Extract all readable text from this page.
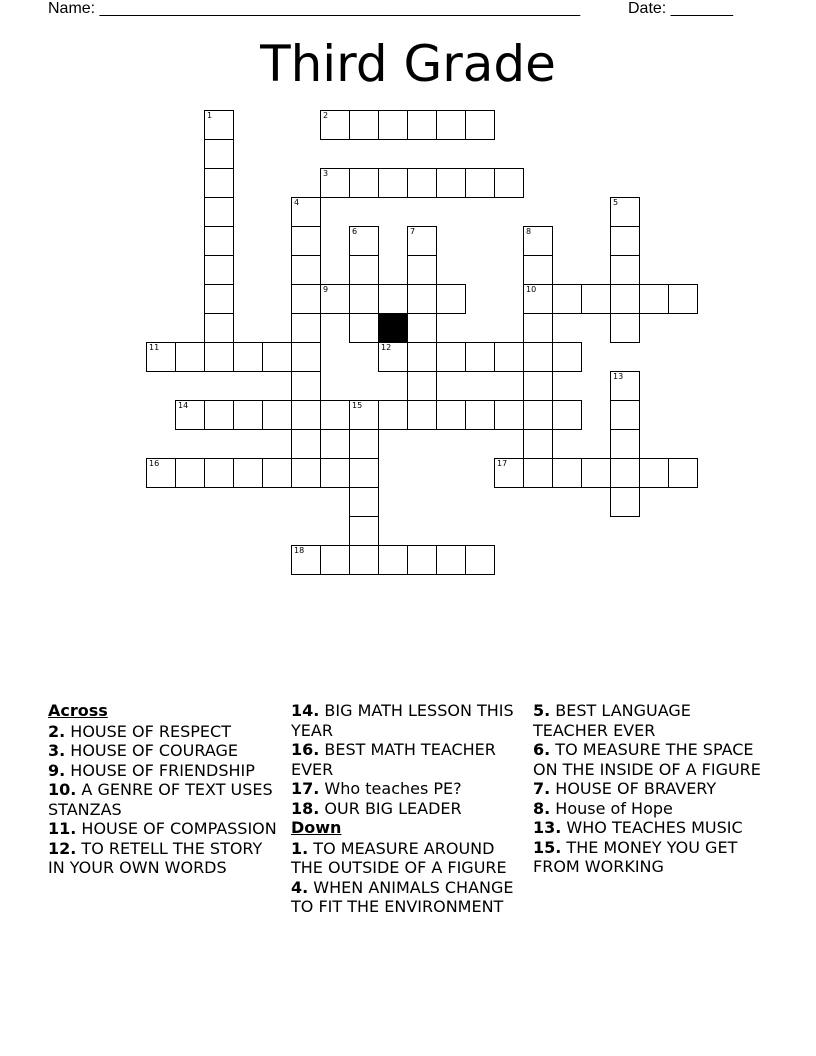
Name: ______________________________________________________	Date: _______
Third Grade
2
3
9	10
11	12
14	15
16	17
18
1
4	5
6	7	8
13
Across
2. HOUSE OF RESPECT
3. HOUSE OF COURAGE
9. HOUSE OF FRIENDSHIP
10. A GENRE OF TEXT USES STANZAS
11. HOUSE OF COMPASSION
12. TO RETELL THE STORY IN YOUR OWN WORDS
14. BIG MATH LESSON THIS YEAR
16. BEST MATH TEACHER EVER
17. Who teaches PE?
18. OUR BIG LEADER
Down
1. TO MEASURE AROUND THE OUTSIDE OF A FIGURE
4. WHEN ANIMALS CHANGE TO FIT THE ENVIRONMENT
5. BEST LANGUAGE TEACHER EVER
6. TO MEASURE THE SPACE ON THE INSIDE OF A FIGURE
7. HOUSE OF BRAVERY
8. House of Hope
13. WHO TEACHES MUSIC
15. THE MONEY YOU GET FROM WORKING
